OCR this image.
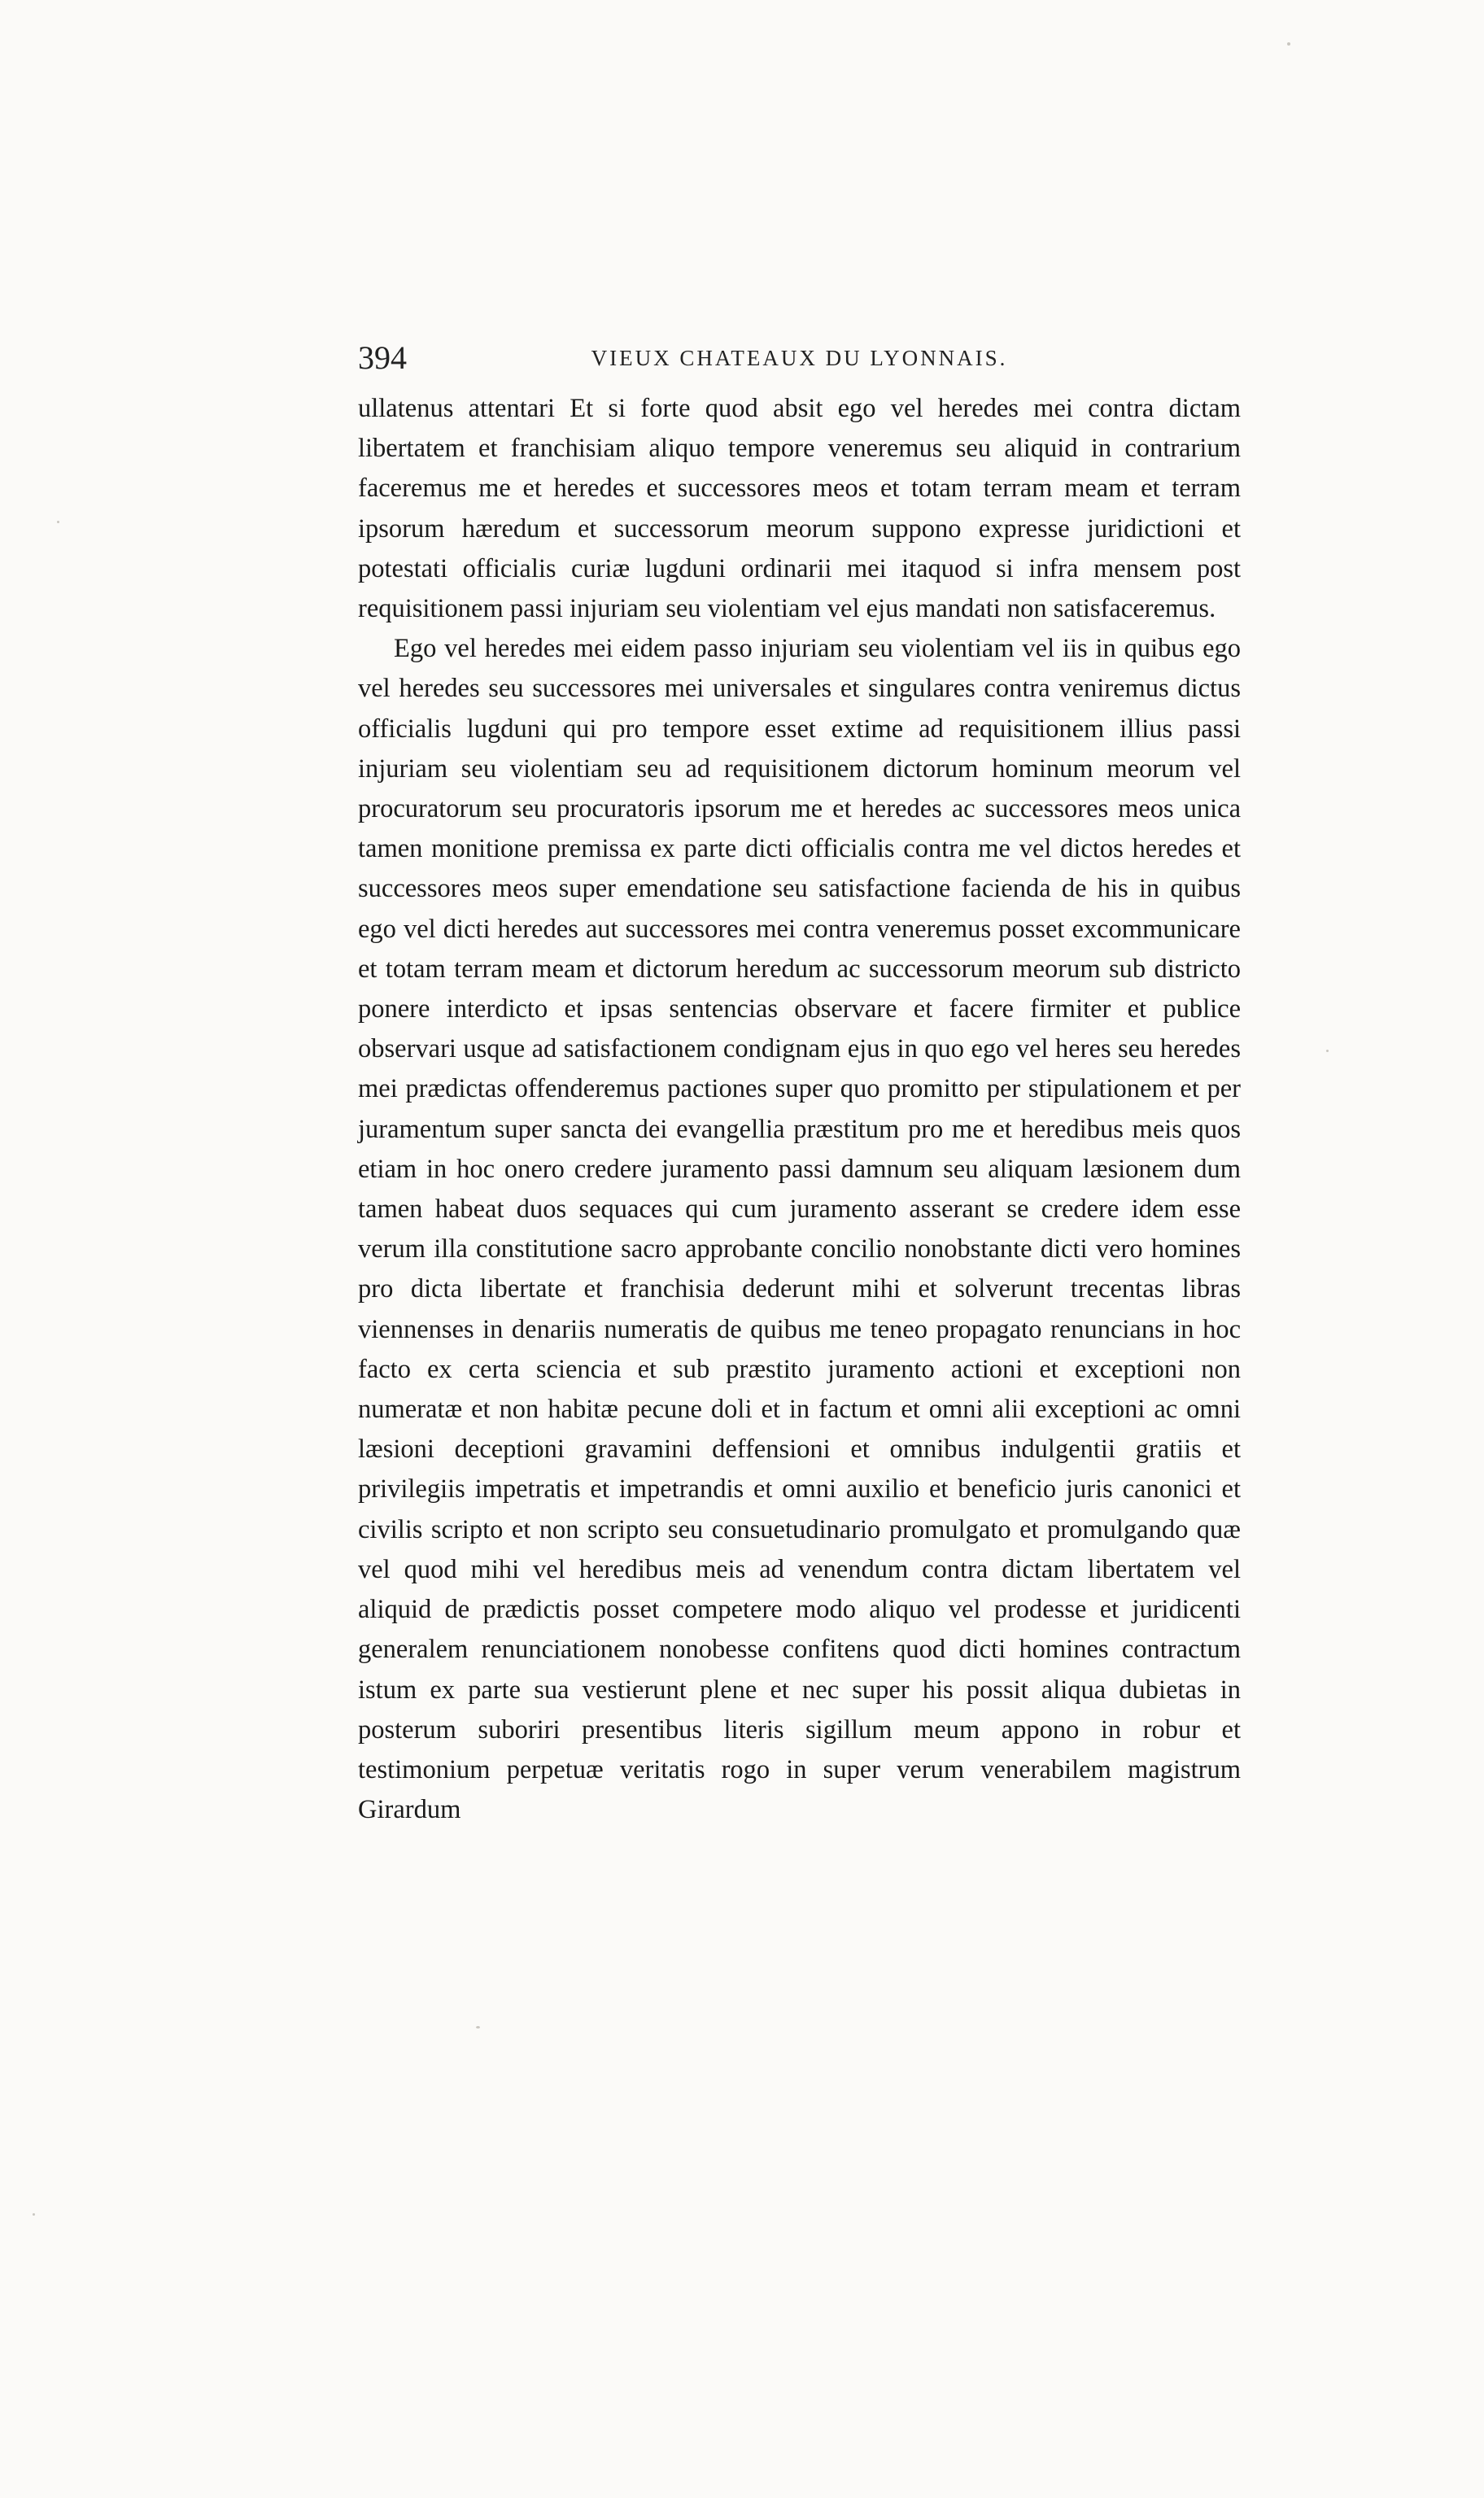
394	VIEUX CHATEAUX DU LYONNAIS.

ullatenus attentari Et si forte quod absit ego vel heredes mei contra dictam libertatem et franchisiam aliquo tempore veneremus seu aliquid in contrarium faceremus me et heredes et successores meos et totam terram meam et terram ipsorum hæredum et successorum meorum suppono expresse juridictioni et potestati officialis curiæ lugduni ordinarii mei itaquod si infra mensem post requisitionem passi injuriam seu violentiam vel ejus mandati non satisfaceremus.

Ego vel heredes mei eidem passo injuriam seu violentiam vel iis in quibus ego vel heredes seu successores mei universales et singulares contra veniremus dictus officialis lugduni qui pro tempore esset extime ad requisitionem illius passi injuriam seu violentiam seu ad requisitionem dictorum hominum meorum vel procuratorum seu procuratoris ipsorum me et heredes ac successores meos unica tamen monitione premissa ex parte dicti officialis contra me vel dictos heredes et successores meos super emendatione seu satisfactione facienda de his in quibus ego vel dicti heredes aut successores mei contra veneremus posset excommunicare et totam terram meam et dictorum heredum ac successorum meorum sub districto ponere interdicto et ipsas sentencias observare et facere firmiter et publice observari usque ad satisfactionem condignam ejus in quo ego vel heres seu heredes mei prædictas offenderemus pactiones super quo promitto per stipulationem et per juramentum super sancta dei evangellia præstitum pro me et heredibus meis quos etiam in hoc onero credere juramento passi damnum seu aliquam læsionem dum tamen habeat duos sequaces qui cum juramento asserant se credere idem esse verum illa constitutione sacro approbante concilio nonobstante dicti vero homines pro dicta libertate et franchisia dederunt mihi et solverunt trecentas libras viennenses in denariis numeratis de quibus me teneo propagato renuncians in hoc facto ex certa sciencia et sub præstito juramento actioni et exceptioni non numeratæ et non habitæ pecune doli et in factum et omni alii exceptioni ac omni læsioni deceptioni gravamini deffensioni et omnibus indulgentii gratiis et privilegiis impetratis et impetrandis et omni auxilio et beneficio juris canonici et civilis scripto et non scripto seu consuetudinario promulgato et promulgando quæ vel quod mihi vel heredibus meis ad venendum contra dictam libertatem vel aliquid de prædictis posset competere modo aliquo vel prodesse et juridicenti generalem renunciationem nonobesse confitens quod dicti homines contractum istum ex parte sua vestierunt plene et nec super his possit aliqua dubietas in posterum suboriri presentibus literis sigillum meum appono in robur et testimonium perpetuæ veritatis rogo in super verum venerabilem magistrum Girardum
